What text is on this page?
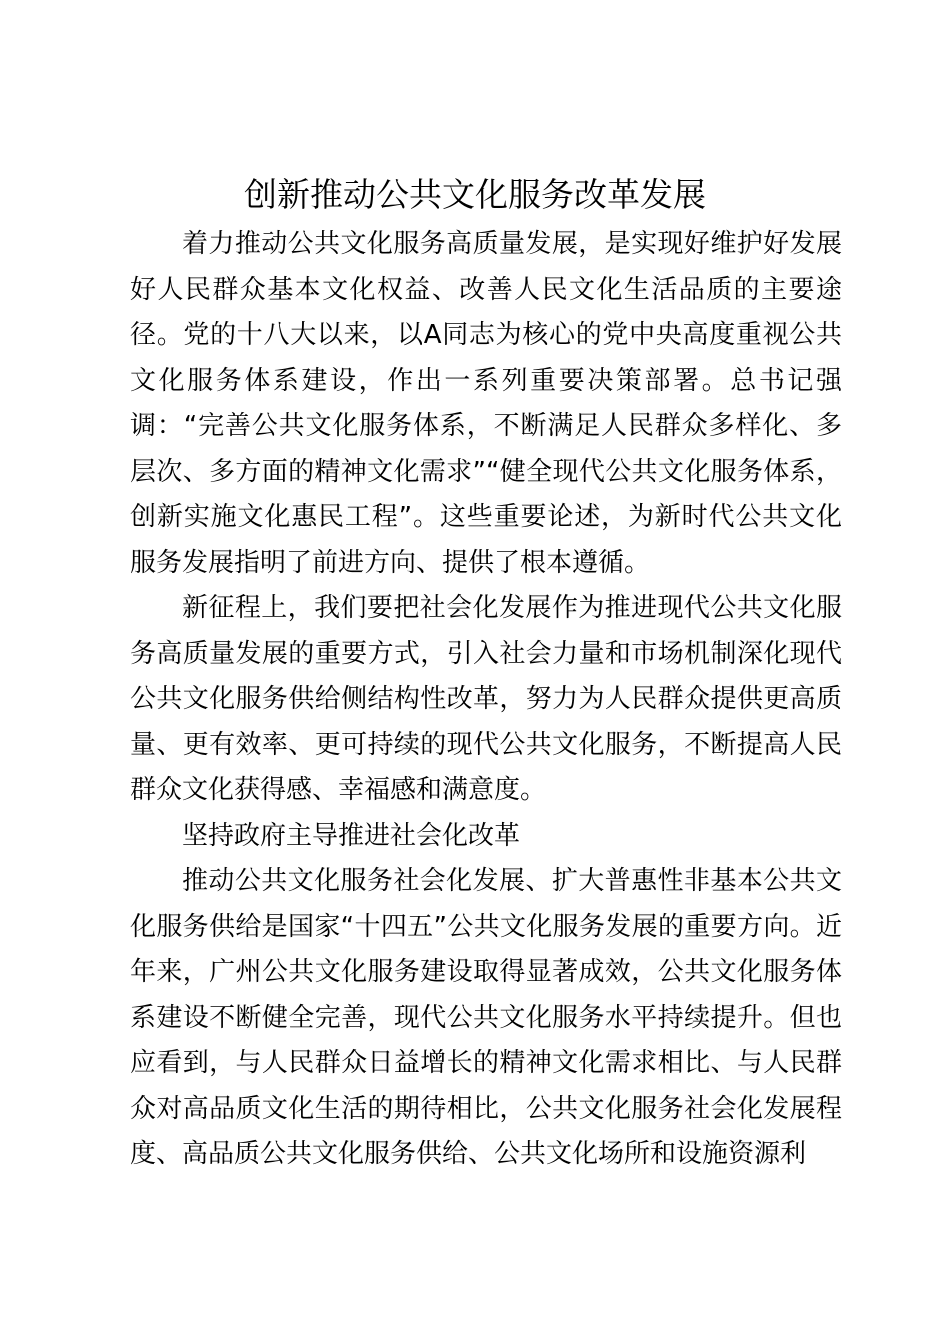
创新推动公共文化服务改革发展

着力推动公共文化服务高质量发展，是实现好维护好发展好人民群众基本文化权益、改善人民文化生活品质的主要途径。党的十八大以来，以A同志为核心的党中央高度重视公共文化服务体系建设，作出一系列重要决策部署。总书记强调：“完善公共文化服务体系，不断满足人民群众多样化、多层次、多方面的精神文化需求”“健全现代公共文化服务体系，创新实施文化惠民工程”。这些重要论述，为新时代公共文化服务发展指明了前进方向、提供了根本遵循。

新征程上，我们要把社会化发展作为推进现代公共文化服务高质量发展的重要方式，引入社会力量和市场机制深化现代公共文化服务供给侧结构性改革，努力为人民群众提供更高质量、更有效率、更可持续的现代公共文化服务，不断提高人民群众文化获得感、幸福感和满意度。

坚持政府主导推进社会化改革

推动公共文化服务社会化发展、扩大普惠性非基本公共文化服务供给是国家“十四五”公共文化服务发展的重要方向。近年来，广州公共文化服务建设取得显著成效，公共文化服务体系建设不断健全完善，现代公共文化服务水平持续提升。但也应看到，与人民群众日益增长的精神文化需求相比、与人民群众对高品质文化生活的期待相比，公共文化服务社会化发展程度、高品质公共文化服务供给、公共文化场所和设施资源利
